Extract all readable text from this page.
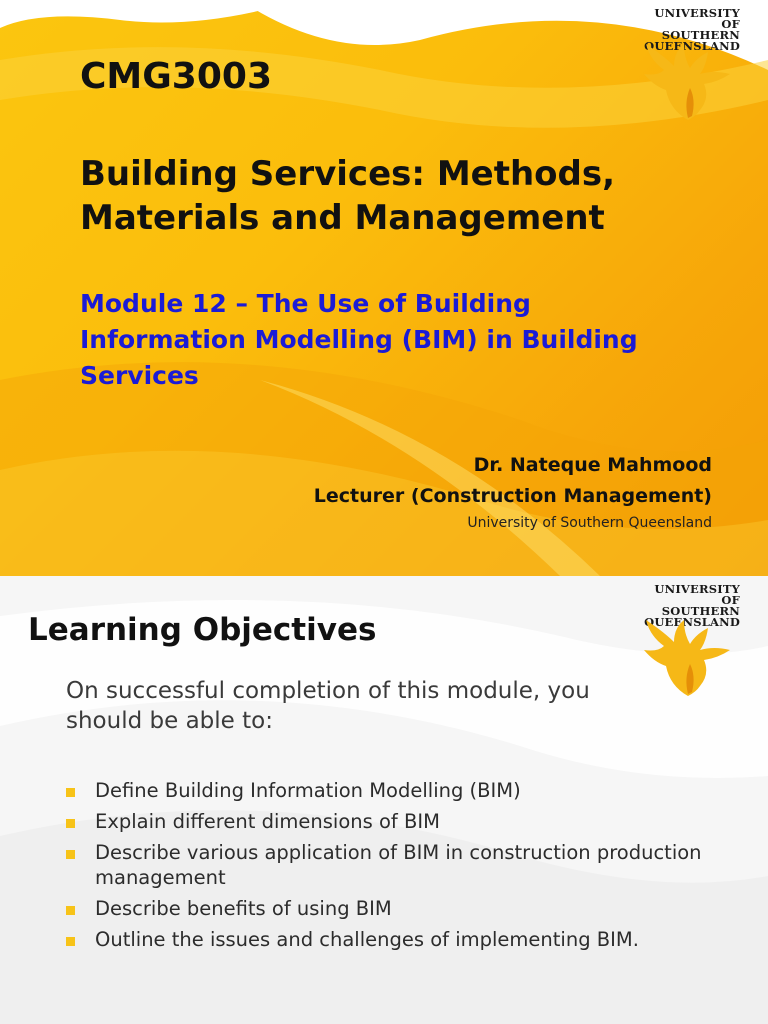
UNIVERSITY
OF SOUTHERN
QUEENSLAND
CMG3003
Building Services: Methods, Materials and Management
Module 12 – The Use of Building Information Modelling (BIM) in Building Services
Dr. Nateque Mahmood
Lecturer (Construction Management)
University of Southern Queensland
UNIVERSITY
OF SOUTHERN
QUEENSLAND
Learning Objectives
On successful completion of this module, you should be able to:
Define Building Information Modelling (BIM)
Explain different dimensions of BIM
Describe various application of BIM in construction production management
Describe benefits of using BIM
Outline the issues and challenges of implementing BIM.
